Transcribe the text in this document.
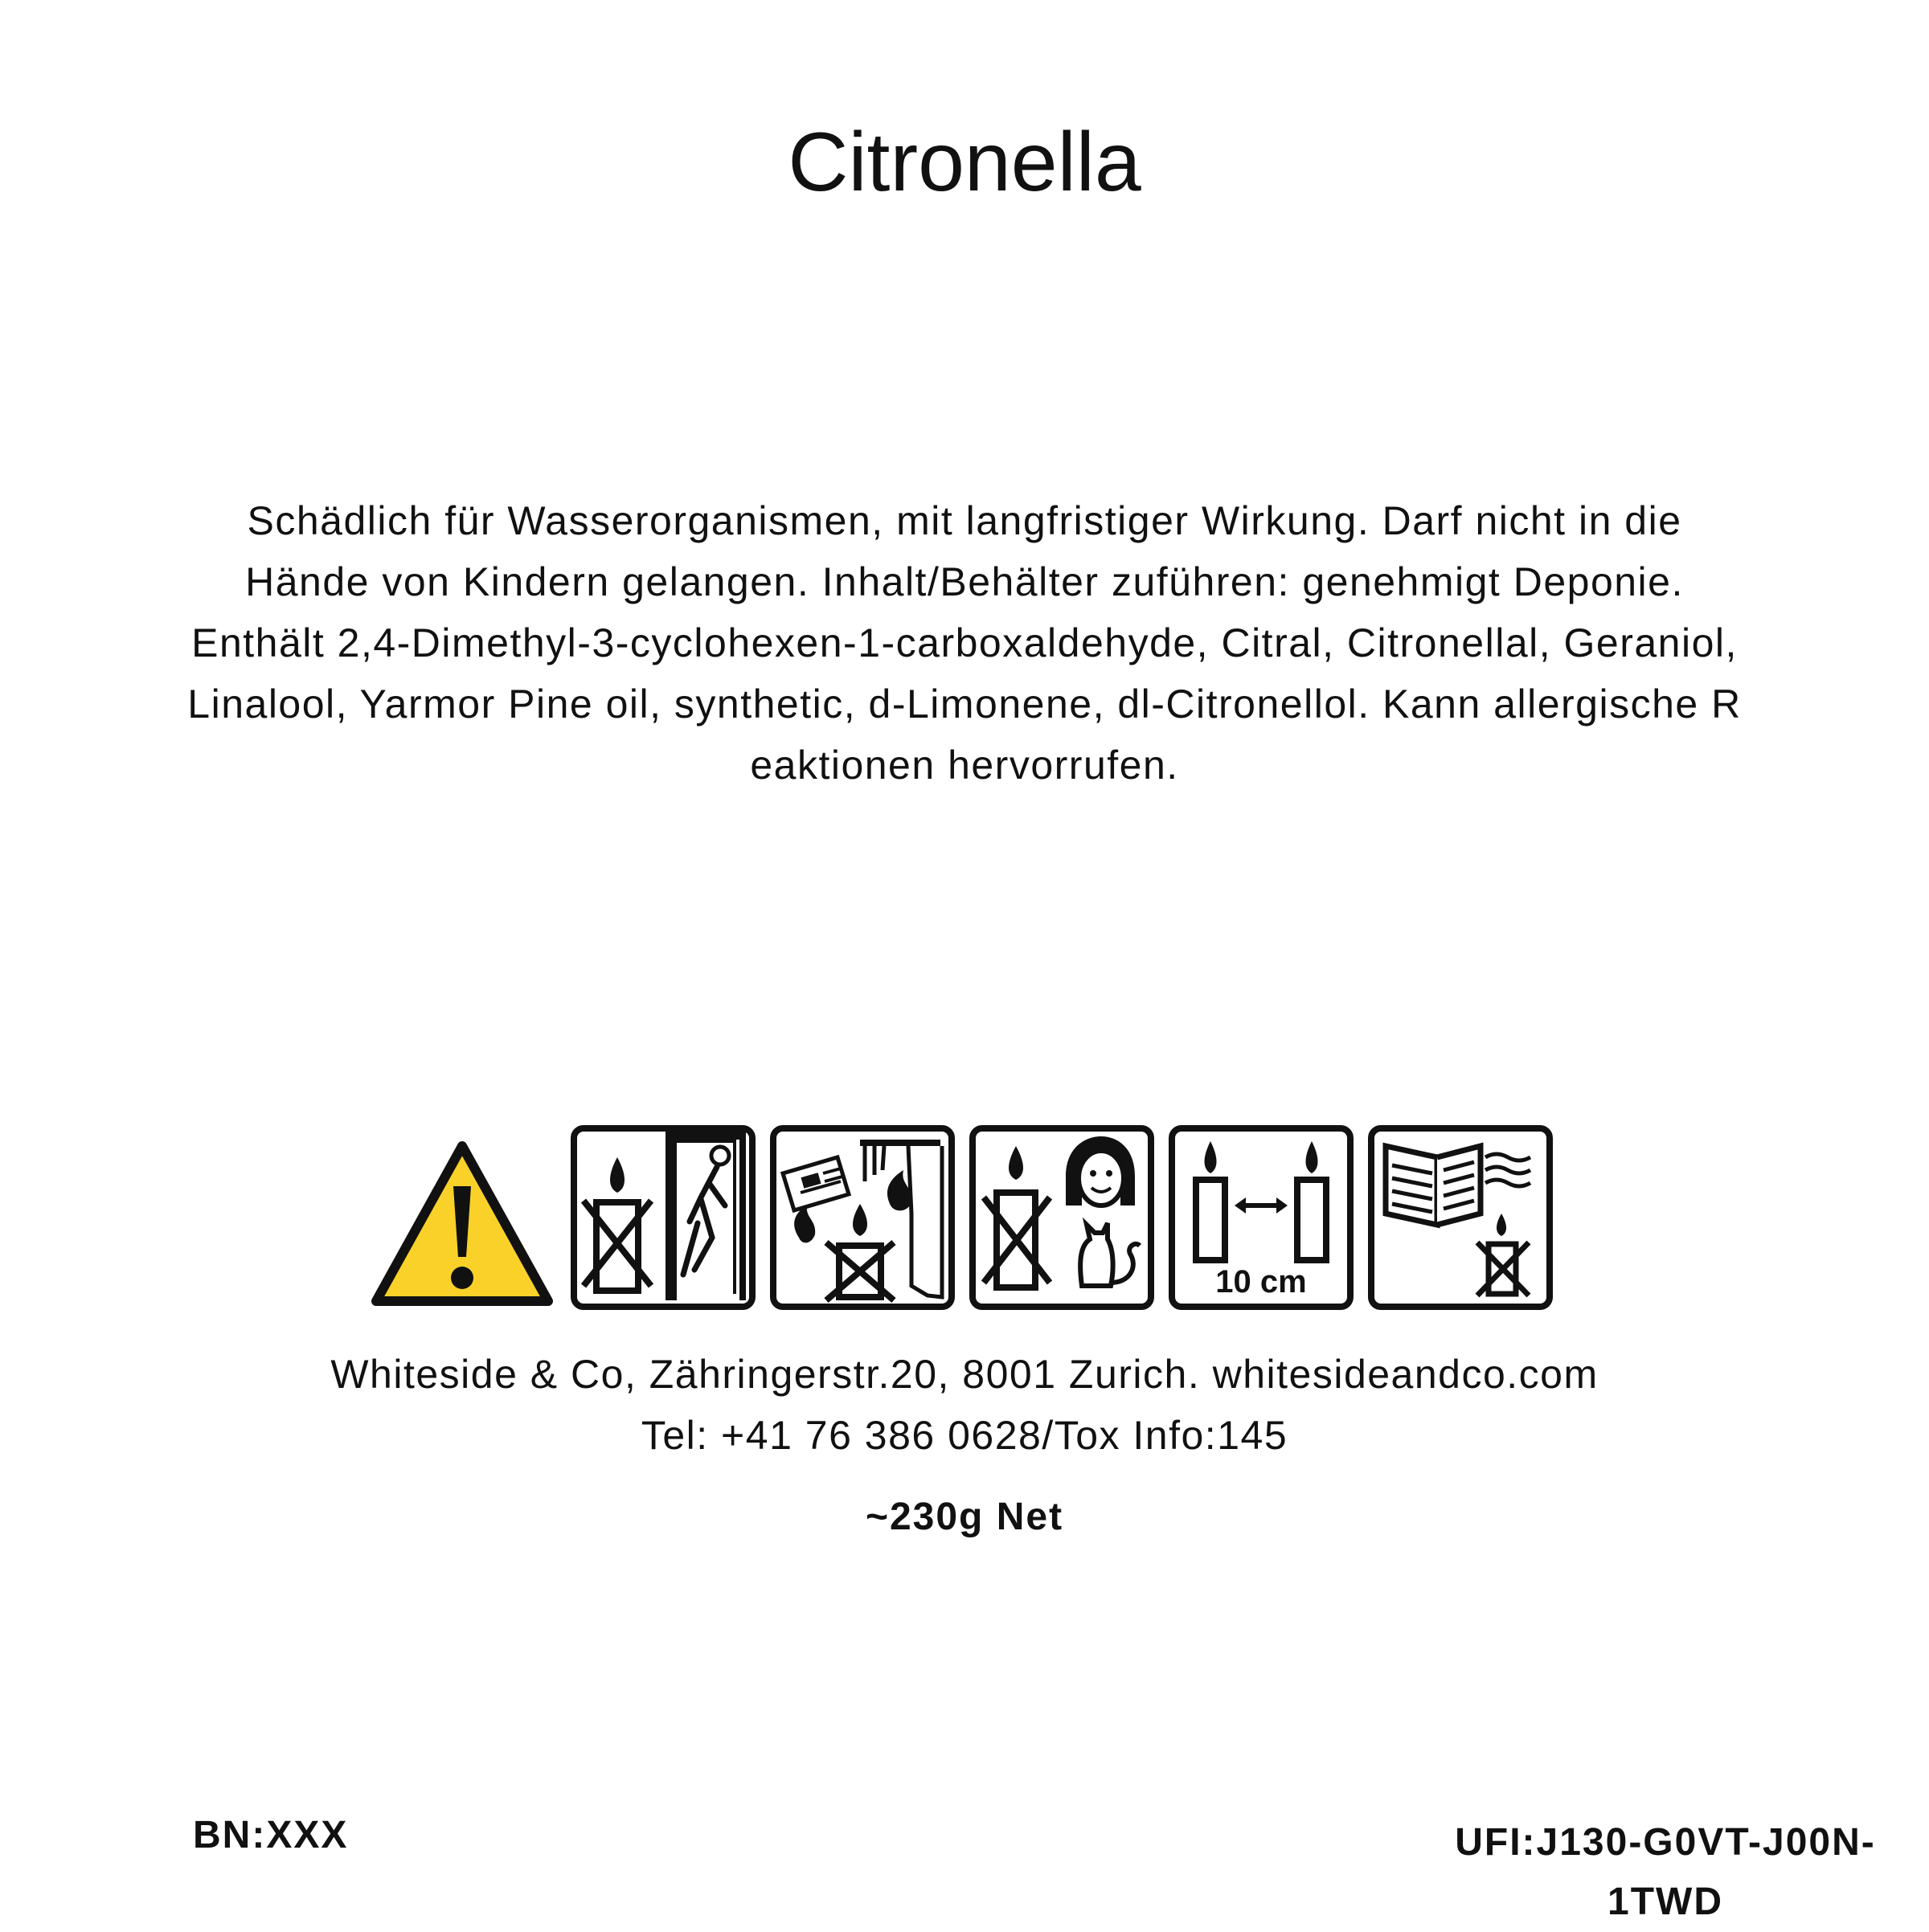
Citronella
Schädlich für Wasserorganismen, mit langfristiger Wirkung. Darf nicht in die
Hände von Kindern gelangen. Inhalt/Behälter zuführen: genehmigt Deponie.
Enthält 2,4-Dimethyl-3-cyclohexen-1-carboxaldehyde, Citral, Citronellal, Geraniol,
Linalool, Yarmor Pine oil, synthetic, d-Limonene, dl-Citronellol. Kann allergische R
eaktionen hervorrufen.
10 cm
Whiteside & Co, Zähringerstr.20, 8001 Zurich. whitesideandco.com
Tel: +41 76 386 0628/Tox Info:145
~230g Net
BN:XXX	UFI:J130-G0VT-J00N-
1TWD
